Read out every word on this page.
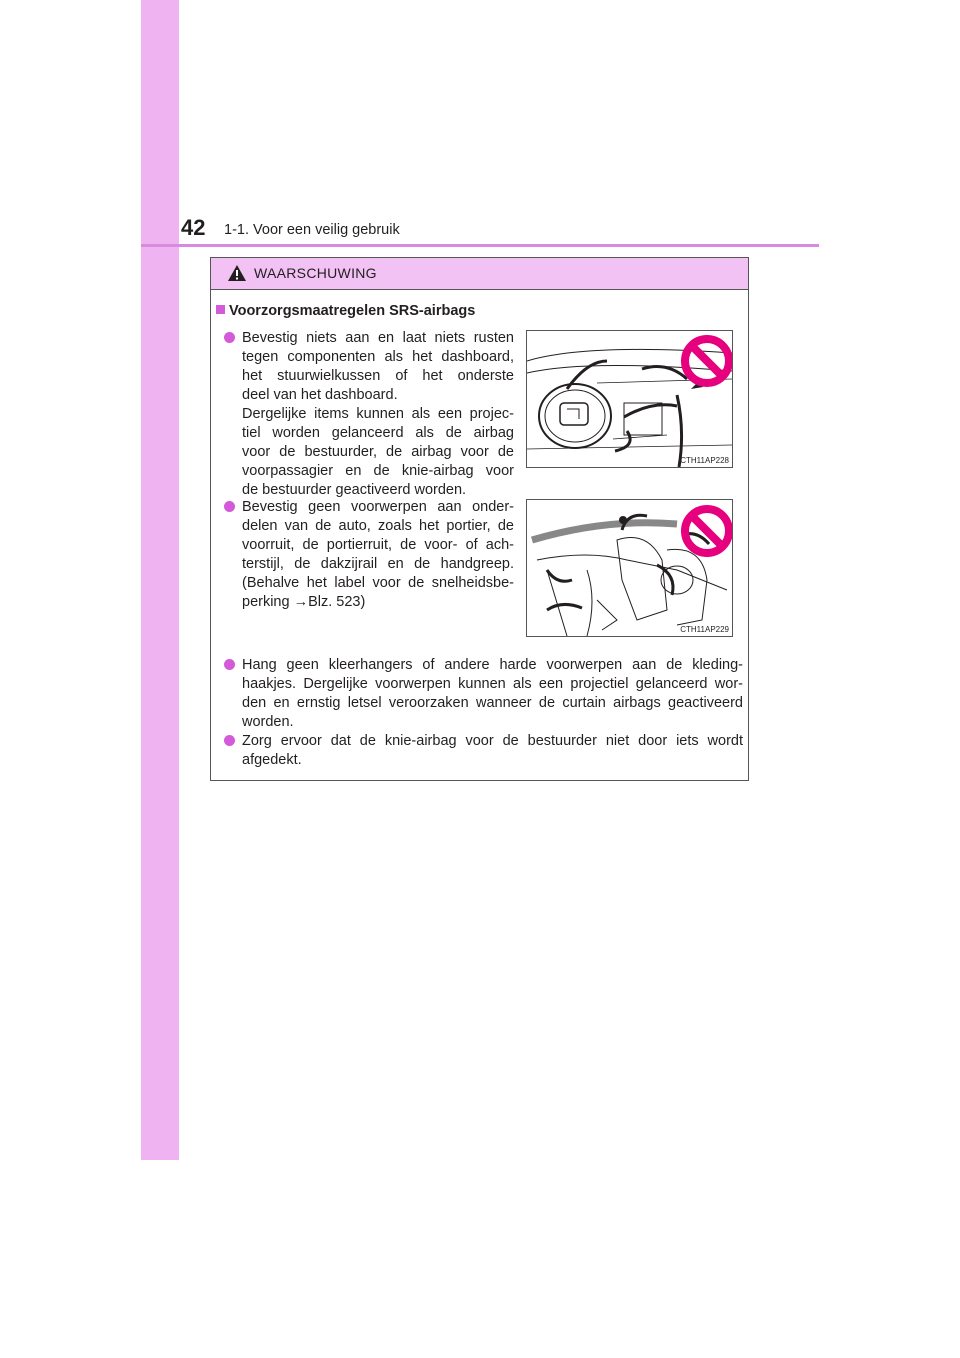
42 1-1. Voor een veilig gebruik
WAARSCHUWING
Voorzorgsmaatregelen SRS-airbags
Bevestig niets aan en laat niets rusten
tegen componenten als het dashboard,
het stuurwielkussen of het onderste
deel van het dashboard.
Dergelijke items kunnen als een projec-
tiel worden gelanceerd als de airbag
voor de bestuurder, de airbag voor de
voorpassagier en de knie-airbag voor
de bestuurder geactiveerd worden.
CTH11AP228
Bevestig geen voorwerpen aan onder-
delen van de auto, zoals het portier, de
voorruit, de portierruit, de voor- of ach-
terstijl, de dakzijrail en de handgreep.
(Behalve het label voor de snelheidsbe-
perking →Blz. 523)
CTH11AP229
Hang geen kleerhangers of andere harde voorwerpen aan de kleding-
haakjes. Dergelijke voorwerpen kunnen als een projectiel gelanceerd wor-
den en ernstig letsel veroorzaken wanneer de curtain airbags geactiveerd
worden.
Zorg ervoor dat de knie-airbag voor de bestuurder niet door iets wordt
afgedekt.
